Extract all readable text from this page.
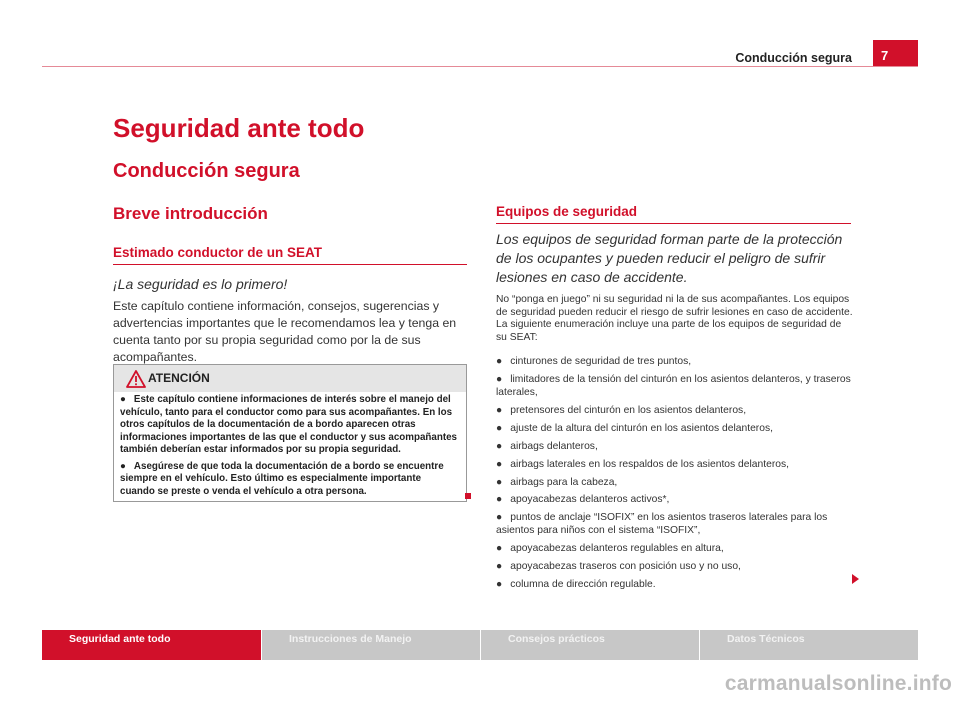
Conducción segura	7
Seguridad ante todo
Conducción segura
Breve introducción
Estimado conductor de un SEAT
¡La seguridad es lo primero!
Este capítulo contiene información, consejos, sugerencias y advertencias importantes que le recomendamos lea y tenga en cuenta tanto por su propia seguridad como por la de sus acompañantes.
ATENCIÓN

● Este capítulo contiene informaciones de interés sobre el manejo del vehículo, tanto para el conductor como para sus acompañantes. En los otros capítulos de la documentación de a bordo aparecen otras informaciones importantes de las que el conductor y sus acompañantes también deberían estar informados por su propia seguridad.

● Asegúrese de que toda la documentación de a bordo se encuentre siempre en el vehículo. Esto último es especialmente importante cuando se preste o venda el vehículo a otra persona.

Equipos de seguridad
Los equipos de seguridad forman parte de la protección de los ocupantes y pueden reducir el peligro de sufrir lesiones en caso de accidente.
No “ponga en juego” ni su seguridad ni la de sus acompañantes. Los equipos de seguridad pueden reducir el riesgo de sufrir lesiones en caso de accidente. La siguiente enumeración incluye una parte de los equipos de seguridad de su SEAT:
● cinturones de seguridad de tres puntos,
● limitadores de la tensión del cinturón en los asientos delanteros, y traseros laterales,
● pretensores del cinturón en los asientos delanteros,
● ajuste de la altura del cinturón en los asientos delanteros,
● airbags delanteros,
● airbags laterales en los respaldos de los asientos delanteros,
● airbags para la cabeza,
● apoyacabezas delanteros activos*,
● puntos de anclaje “ISOFIX” en los asientos traseros laterales para los asientos para niños con el sistema “ISOFIX”,
● apoyacabezas delanteros regulables en altura,
● apoyacabezas traseros con posición uso y no uso,
● columna de dirección regulable.
Seguridad ante todo	Instrucciones de Manejo	Consejos prácticos	Datos Técnicos
carmanualsonline.info
